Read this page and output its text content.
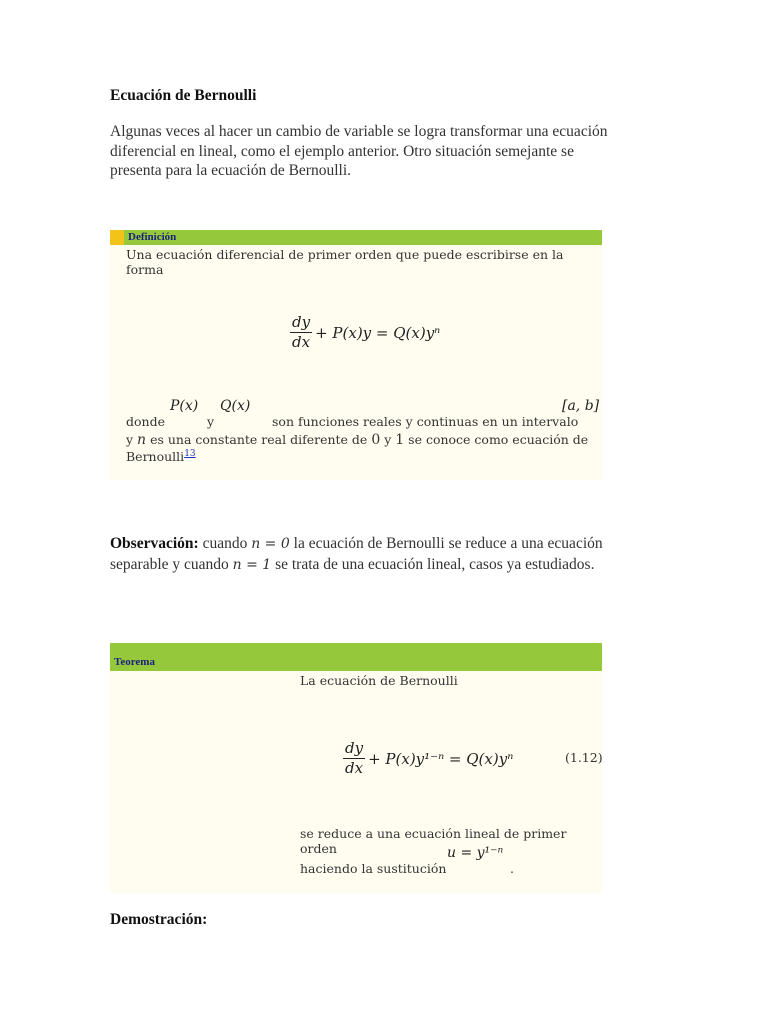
Ecuación de Bernoulli
Algunas veces al hacer un cambio de variable se logra transformar una ecuación diferencial en lineal, como el ejemplo anterior. Otro situación semejante se presenta para la ecuación de Bernoulli.
Definición
Una ecuación diferencial de primer orden que puede escribirse en la forma
$\frac{dy}{dx} + P(x)y = Q(x)y^n$
donde
P(x)
y
Q(x)
son funciones reales y continuas en un intervalo
[a, b]
y n es una constante real diferente de 0 y 1 se conoce como ecuación de
Bernoulli$^{13}$
Observación: cuando n = 0 la ecuación de Bernoulli se reduce a una ecuación separable y cuando n = 1 se trata de una ecuación lineal, casos ya estudiados.
Teorema
La ecuación de Bernoulli
$\frac{dy}{dx} + P(x)y^{1-n} = Q(x)y^n$	(1.12)
se reduce a una ecuación lineal de primer orden	u = y¹⁻ⁿ
haciendo la sustitución	.
Demostración:
